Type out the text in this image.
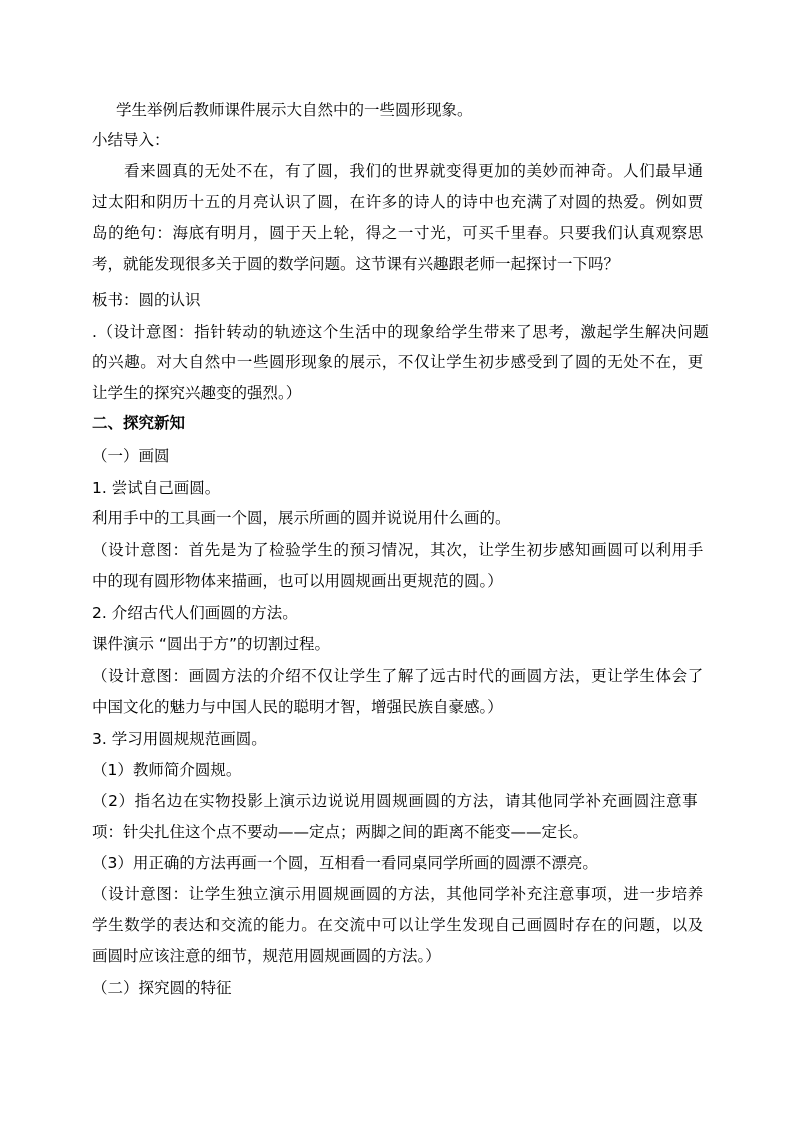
学生举例后教师课件展示大自然中的一些圆形现象。
小结导入：
看来圆真的无处不在，有了圆，我们的世界就变得更加的美妙而神奇。人们最早通
过太阳和阴历十五的月亮认识了圆，在许多的诗人的诗中也充满了对圆的热爱。例如贾
岛的绝句：海底有明月，圆于天上轮，得之一寸光，可买千里春。只要我们认真观察思
考，就能发现很多关于圆的数学问题。这节课有兴趣跟老师一起探讨一下吗？
板书：圆的认识
.（设计意图：指针转动的轨迹这个生活中的现象给学生带来了思考，激起学生解决问题
的兴趣。对大自然中一些圆形现象的展示，不仅让学生初步感受到了圆的无处不在，更
让学生的探究兴趣变的强烈。）
二、探究新知
（一）画圆
1. 尝试自己画圆。
利用手中的工具画一个圆，展示所画的圆并说说用什么画的。
（设计意图：首先是为了检验学生的预习情况，其次，让学生初步感知画圆可以利用手
中的现有圆形物体来描画，也可以用圆规画出更规范的圆。）
2. 介绍古代人们画圆的方法。
课件演示 “圆出于方”的切割过程。
（设计意图：画圆方法的介绍不仅让学生了解了远古时代的画圆方法，更让学生体会了
中国文化的魅力与中国人民的聪明才智，增强民族自豪感。）
3. 学习用圆规规范画圆。
（1）教师简介圆规。
（2）指名边在实物投影上演示边说说用圆规画圆的方法，请其他同学补充画圆注意事
项：针尖扎住这个点不要动——定点；两脚之间的距离不能变——定长。
（3）用正确的方法再画一个圆，互相看一看同桌同学所画的圆漂不漂亮。
（设计意图：让学生独立演示用圆规画圆的方法，其他同学补充注意事项，进一步培养
学生数学的表达和交流的能力。在交流中可以让学生发现自己画圆时存在的问题，以及
画圆时应该注意的细节，规范用圆规画圆的方法。）
（二）探究圆的特征
